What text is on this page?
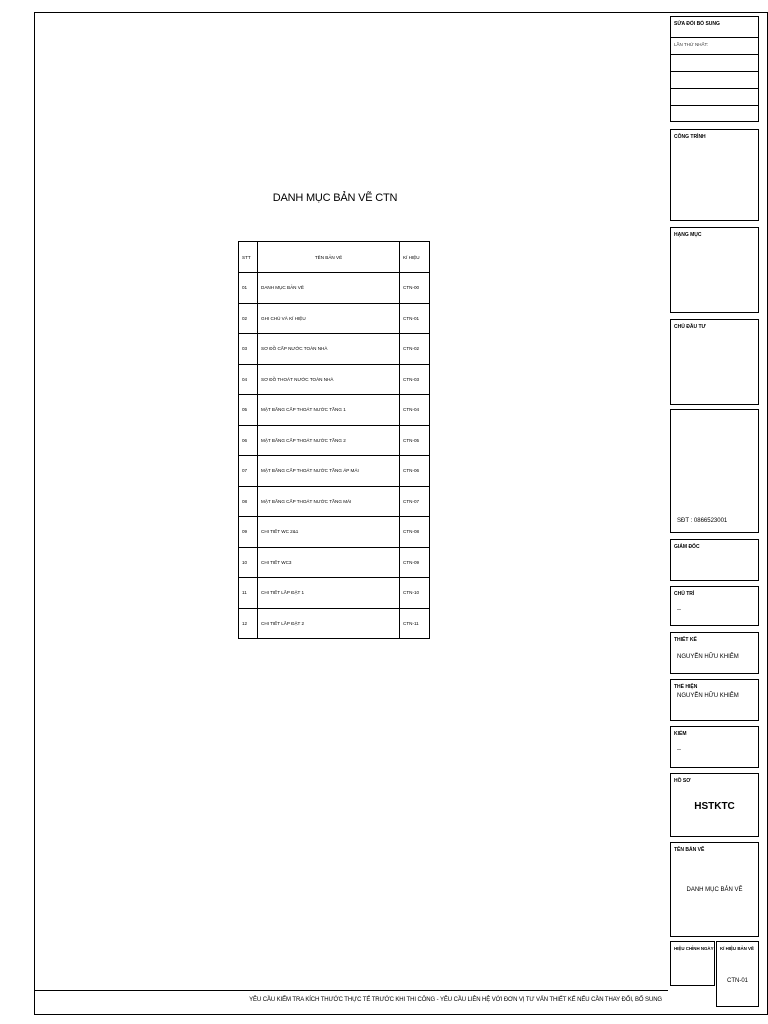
DANH MỤC BẢN VẼ CTN
STT	TÊN BẢN VẼ	KÍ HIỆU
01	DANH MỤC BẢN VẼ	CTN-00
02	GHI CHÚ VÀ KÍ HIỆU	CTN-01
03	SƠ ĐỒ CẤP NƯỚC TOÀN NHÀ	CTN-02
04	SƠ ĐỒ THOÁT NƯỚC TOÀN NHÀ	CTN-03
05	MẶT BẰNG CẤP THOÁT NƯỚC TẦNG 1	CTN-04
06	MẶT BẰNG CẤP THOÁT NƯỚC TẦNG 2	CTN-05
07	MẶT BẰNG CẤP THOÁT NƯỚC TẦNG ÁP MÁI	CTN-06
08	MẶT BẰNG CẤP THOÁT NƯỚC TẦNG MÁI	CTN-07
09	CHI TIẾT WC 2&1	CTN-08
10	CHI TIẾT WC3	CTN-09
11	CHI TIẾT LẮP ĐẶT 1	CTN-10
12	CHI TIẾT LẮP ĐẶT 2	CTN-11
YÊU CẦU KIỂM TRA KÍCH THƯỚC THỰC TẾ TRƯỚC KHI THI CÔNG - YÊU CẦU LIÊN HỆ VỚI ĐƠN VỊ TƯ VẤN THIẾT KẾ NẾU CẦN THAY ĐỔI, BỔ SUNG
SỬA ĐỔI BỔ SUNG
LẦN THỨ NHẤT:
CÔNG TRÌNH
HẠNG MỤC
CHỦ ĐẦU TƯ
SĐT : 0866523001
GIÁM ĐỐC
CHỦ TRÌ
--
THIẾT KẾ
NGUYỄN HỮU KHIÊM
THỂ HIỆN
NGUYỄN HỮU KHIÊM
KIỂM
--
HỒ SƠ
HSTKTC
TÊN BẢN VẼ
DANH MỤC BẢN VẼ
HIỆU CHỈNH NGÀY KÍ HIỆU BẢN VẼ
CTN-01
